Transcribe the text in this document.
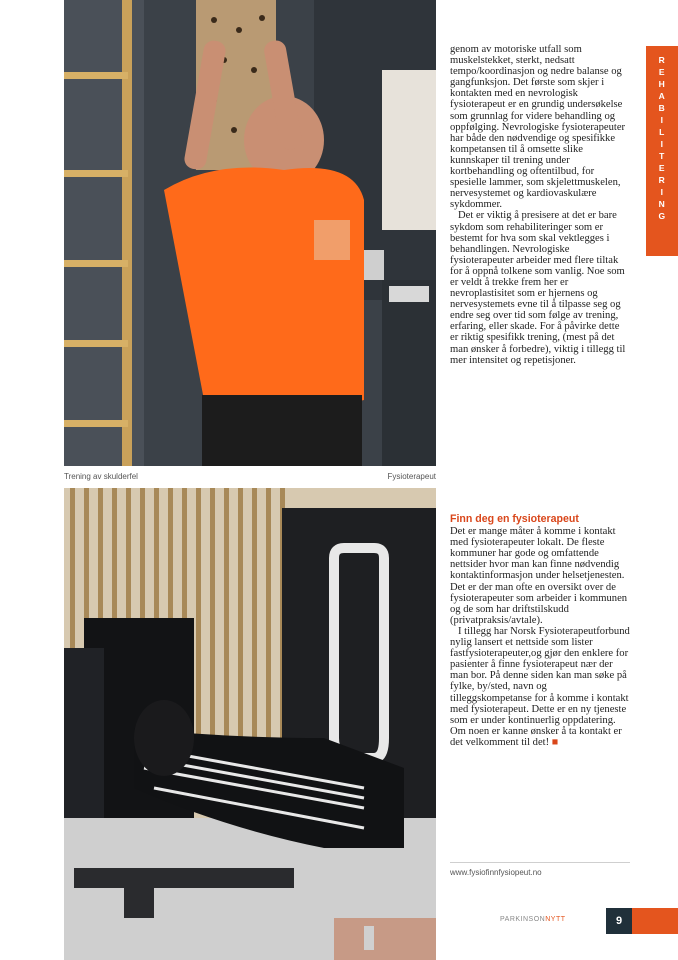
Trening av skulderfel	Fysioterapeut

genom av motoriske utfall som muskelstekket, sterkt, nedsatt tempo/koordinasjon og nedre balanse og gangfunksjon. Det første som skjer i kontakten med en nevrologisk fysioterapeut er en grundig undersøkelse som grunnlag for videre behandling og oppfølging. Nevrologiske fysioterapeuter har både den nødvendige og spesifikke kompetansen til å omsette slike kunnskaper til trening under kortbehandling og oftentilbud, for spesielle lammer, som skjelettmuskelen, nervesystemet og kardiovaskulære sykdommer.

Det er viktig å presisere at det er bare sykdom som rehabiliteringer som er bestemt for hva som skal vektlegges i behandlingen. Nevrologiske fysioterapeuter arbeider med flere tiltak for å oppnå tolkene som vanlig. Noe som er veldt å trekke frem her er nevroplastisitet som er hjernens og nervesystemets evne til å tilpasse seg og endre seg over tid som følge av trening, erfaring, eller skade. For å påvirke dette er riktig spesifikk trening, (mest på det man ønsker å forbedre), viktig i tillegg til mer intensitet og repetisjoner.

Finn deg en fysioterapeut

Det er mange måter å komme i kontakt med fysioterapeuter lokalt. De fleste kommuner har gode og omfattende nettsider hvor man kan finne nødvendig kontaktinformasjon under helsetjenesten. Det er der man ofte en oversikt over de fysioterapeuter som arbeider i kommunen og de som har driftstilskudd (privatpraksis/avtale).

I tillegg har Norsk Fysioterapeutforbund nylig lansert et nettside som lister fastfysioterapeuter,og gjør den enklere for pasienter å finne fysioterapeut nær der man bor. På denne siden kan man søke på fylke, by/sted, navn og tilleggskompetanse for å komme i kontakt med fysioterapeut. Dette er en ny tjeneste som er under kontinuerlig oppdatering. Om noen er kanne ønsker å ta kontakt er det velkomment til det! ■

www.fysiofinnfysiopeut.no
R
E
H
A
B
I
L
I
T
E
R
I
N
G
PARKINSONNYTT	9
